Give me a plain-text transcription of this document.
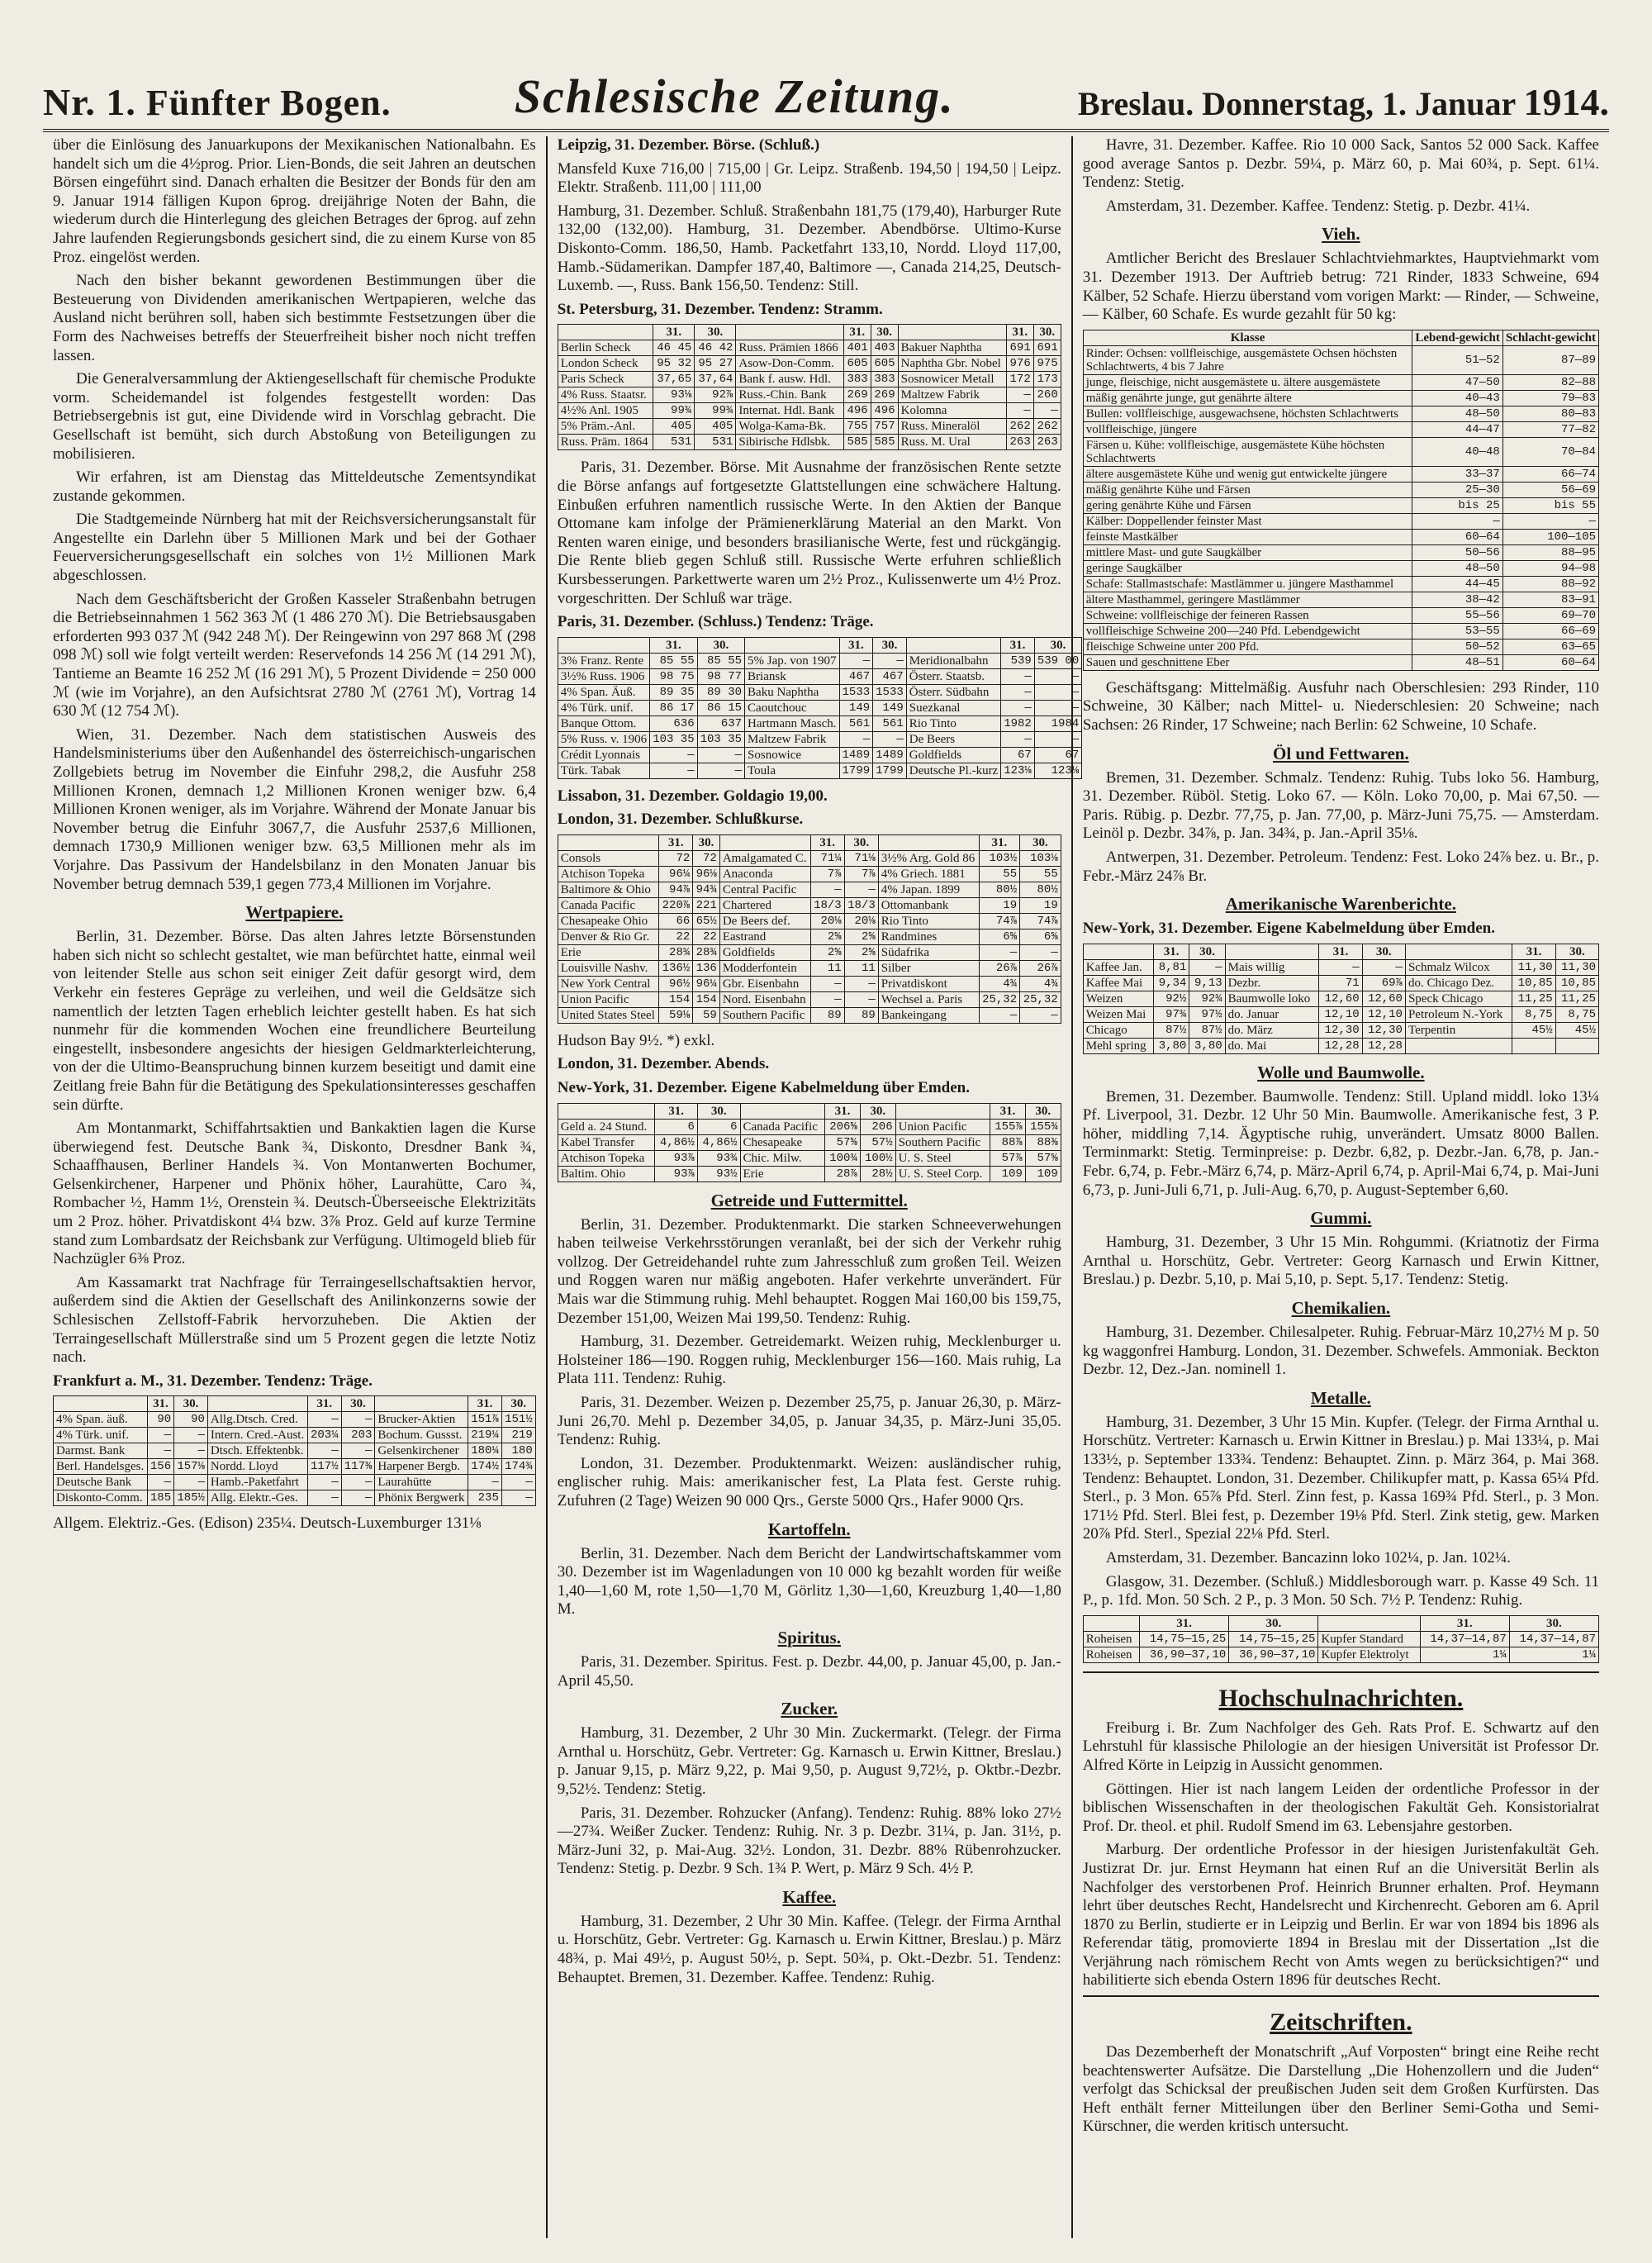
Nr. 1. Fünfter Bogen.	Schlesische Zeitung.	Breslau. Donnerstag, 1. Januar 1914.

über die Einlösung des Januarkupons der Mexikanischen Nationalbahn. Es handelt sich um die 4½prog. Prior. Lien-Bonds, die seit Jahren an deutschen Börsen eingeführt sind. Danach erhalten die Besitzer der Bonds für den am 9. Januar 1914 fälligen Kupon 6prog. dreijährige Noten der Bahn, die wiederum durch die Hinterlegung des gleichen Betrages der 6prog. auf zehn Jahre laufenden Regierungsbonds gesichert sind, die zu einem Kurse von 85 Proz. eingelöst werden.

Nach den bisher bekannt gewordenen Bestimmungen über die Besteuerung von Dividenden amerikanischen Wertpapieren, welche das Ausland nicht berühren soll, haben sich bestimmte Festsetzungen über die Form des Nachweises betreffs der Steuerfreiheit bisher noch nicht treffen lassen.

Die Generalversammlung der Aktiengesellschaft für chemische Produkte vorm. Scheidemandel ist folgendes festgestellt worden: Das Betriebsergebnis ist gut, eine Dividende wird in Vorschlag gebracht. Die Gesellschaft ist bemüht, sich durch Abstoßung von Beteiligungen zu mobilisieren.

Wir erfahren, ist am Dienstag das Mitteldeutsche Zementsyndikat zustande gekommen.

Die Stadtgemeinde Nürnberg hat mit der Reichsversicherungsanstalt für Angestellte ein Darlehn über 5 Millionen Mark und bei der Gothaer Feuerversicherungsgesellschaft ein solches von 1½ Millionen Mark abgeschlossen.

Nach dem Geschäftsbericht der Großen Kasseler Straßenbahn betrugen die Betriebseinnahmen 1 562 363 ℳ (1 486 270 ℳ). Die Betriebsausgaben erforderten 993 037 ℳ (942 248 ℳ). Der Reingewinn von 297 868 ℳ (298 098 ℳ) soll wie folgt verteilt werden: Reservefonds 14 256 ℳ (14 291 ℳ), Tantieme an Beamte 16 252 ℳ (16 291 ℳ), 5 Prozent Dividende = 250 000 ℳ (wie im Vorjahre), an den Aufsichtsrat 2780 ℳ (2761 ℳ), Vortrag 14 630 ℳ (12 754 ℳ).

Wien, 31. Dezember. Nach dem statistischen Ausweis des Handelsministeriums über den Außenhandel des österreichisch-ungarischen Zollgebiets betrug im November die Einfuhr 298,2, die Ausfuhr 258 Millionen Kronen, demnach 1,2 Millionen Kronen weniger bzw. 6,4 Millionen Kronen weniger, als im Vorjahre. Während der Monate Januar bis November betrug die Einfuhr 3067,7, die Ausfuhr 2537,6 Millionen, demnach 1730,9 Millionen weniger bzw. 63,5 Millionen mehr als im Vorjahre. Das Passivum der Handelsbilanz in den Monaten Januar bis November betrug demnach 539,1 gegen 773,4 Millionen im Vorjahre.

Wertpapiere.

Berlin, 31. Dezember. Börse. Das alten Jahres letzte Börsenstunden haben sich nicht so schlecht gestaltet, wie man befürchtet hatte, einmal weil von leitender Stelle aus schon seit einiger Zeit dafür gesorgt wird, dem Verkehr ein festeres Gepräge zu verleihen, und weil die Geldsätze sich namentlich der letzten Tagen erheblich leichter gestellt haben. Es hat sich nunmehr für die kommenden Wochen eine freundlichere Beurteilung eingestellt, insbesondere angesichts der hiesigen Geldmarkterleichterung, von der die Ultimo-Beanspruchung binnen kurzem beseitigt und damit eine Zeitlang freie Bahn für die Betätigung des Spekulationsinteresses geschaffen sein dürfte.

Am Montanmarkt, Schiffahrtsaktien und Bankaktien lagen die Kurse überwiegend fest. Deutsche Bank ¾, Diskonto, Dresdner Bank ¾, Schaaffhausen, Berliner Handels ¾. Von Montanwerten Bochumer, Gelsenkirchener, Harpener und Phönix höher, Laurahütte, Caro ¾, Rombacher ½, Hamm 1½, Orenstein ¾. Deutsch-Überseeische Elektrizitäts um 2 Proz. höher. Privatdiskont 4¼ bzw. 3⅞ Proz. Geld auf kurze Termine stand zum Lombardsatz der Reichsbank zur Verfügung. Ultimogeld blieb für Nachzügler 6⅜ Proz.

Am Kassamarkt trat Nachfrage für Terraingesellschaftsaktien hervor, außerdem sind die Aktien der Gesellschaft des Anilinkonzerns sowie der Schlesischen Zellstoff-Fabrik hervorzuheben. Die Aktien der Terraingesellschaft Müllerstraße sind um 5 Prozent gegen die letzte Notiz nach.

Frankfurt a. M., 31. Dezember. Tendenz: Träge.

	31.	30.		31.	30.		31.	30.
4% Span. äuß.	90	90	Allg.Dtsch. Cred.	—	—	Brucker-Aktien	151⅞	151½
4% Türk. unif.	—	—	Intern. Cred.-Aust.	203¼	203	Bochum. Gussst.	219¼	219
Darmst. Bank	—	—	Dtsch. Effektenbk.	—	—	Gelsenkirchener	180¼	180
Berl. Handelsges.	156	157⅛	Nordd. Lloyd	117½	117⅜	Harpener Bergb.	174½	174¾
Deutsche Bank	—	—	Hamb.-Paketfahrt	—	—	Laurahütte	—	—
Diskonto-Comm.	185	185½	Allg. Elektr.-Ges.	—	—	Phönix Bergwerk	235	—

Allgem. Elektriz.-Ges. (Edison) 235¼. Deutsch-Luxemburger 131⅛

Leipzig, 31. Dezember. Börse. (Schluß.)

Mansfeld Kuxe 716,00 | 715,00 | Gr. Leipz. Straßenb. 194,50 | 194,50 | Leipz. Elektr. Straßenb. 111,00 | 111,00

Hamburg, 31. Dezember. Schluß. Straßenbahn 181,75 (179,40), Harburger Rute 132,00 (132,00). Hamburg, 31. Dezember. Abendbörse. Ultimo-Kurse Diskonto-Comm. 186,50, Hamb. Packetfahrt 133,10, Nordd. Lloyd 117,00, Hamb.-Südamerikan. Dampfer 187,40, Baltimore —, Canada 214,25, Deutsch-Luxemb. —, Russ. Bank 156,50. Tendenz: Still.

St. Petersburg, 31. Dezember. Tendenz: Stramm.

	31.	30.		31.	30.		31.	30.
Berlin Scheck	46 45	46 42	Russ. Prämien 1866	401	403	Bakuer Naphtha	691	691
London Scheck	95 32	95 27	Asow-Don-Comm.	605	605	Naphtha Gbr. Nobel	976	975
Paris Scheck	37,65	37,64	Bank f. ausw. Hdl.	383	383	Sosnowicer Metall	172	173
4% Russ. Staatsr.	93⅛	92⅞	Russ.-Chin. Bank	269	269	Maltzew Fabrik	—	260
4½% Anl. 1905	99¾	99¾	Internat. Hdl. Bank	496	496	Kolomna	—	—
5% Präm.-Anl.	405	405	Wolga-Kama-Bk.	755	757	Russ. Mineralöl	262	262
Russ. Präm. 1864	531	531	Sibirische Hdlsbk.	585	585	Russ. M. Ural	263	263

Paris, 31. Dezember. Börse. Mit Ausnahme der französischen Rente setzte die Börse anfangs auf fortgesetzte Glattstellungen eine schwächere Haltung. Einbußen erfuhren namentlich russische Werte. In den Aktien der Banque Ottomane kam infolge der Prämienerklärung Material an den Markt. Von Renten waren einige, und besonders brasilianische Werte, fest und rückgängig. Die Rente blieb gegen Schluß still. Russische Werte erfuhren schließlich Kursbesserungen. Parkettwerte waren um 2½ Proz., Kulissenwerte um 4½ Proz. vorgeschritten. Der Schluß war träge.

Paris, 31. Dezember. (Schluss.) Tendenz: Träge.

	31.	30.		31.	30.		31.	30.
3% Franz. Rente	85 55	85 55	5% Jap. von 1907	—	—	Meridionalbahn	539	539 00
3½% Russ. 1906	98 75	98 77	Briansk	467	467	Österr. Staatsb.	—	—
4% Span. Äuß.	89 35	89 30	Baku Naphtha	1533	1533	Österr. Südbahn	—	—
4% Türk. unif.	86 17	86 15	Caoutchouc	149	149	Suezkanal	—	—
Banque Ottom.	636	637	Hartmann Masch.	561	561	Rio Tinto	1982	1984
5% Russ. v. 1906	103 35	103 35	Maltzew Fabrik	—	—	De Beers	—	—
Crédit Lyonnais	—	—	Sosnowice	1489	1489	Goldfields	67	67
Türk. Tabak	—	—	Toula	1799	1799	Deutsche Pl.-kurz	123⅛	123⅛

Lissabon, 31. Dezember. Goldagio 19,00.

London, 31. Dezember. Schlußkurse.

	31.	30.		31.	30.		31.	30.
Consols	72	72	Amalgamated C.	71¼	71⅛	3½% Arg. Gold 86	103½	103⅛
Atchison Topeka	96¼	96⅛	Anaconda	7⅞	7⅞	4% Griech. 1881	55	55
Baltimore & Ohio	94⅞	94¾	Central Pacific	—	—	4% Japan. 1899	80½	80½
Canada Pacific	220⅞	221	Chartered	18/3	18/3	Ottomanbank	19	19
Chesapeake Ohio	66	65½	De Beers def.	20⅛	20⅛	Rio Tinto	74⅞	74⅞
Denver & Rio Gr.	22	22	Eastrand	2⅝	2⅝	Randmines	6⅝	6⅝
Erie	28¾	28¾	Goldfields	2⅝	2⅝	Südafrika	—	—
Louisville Nashv.	136½	136	Modderfontein	11	11	Silber	26⅞	26⅞
New York Central	96½	96¼	Gbr. Eisenbahn	—	—	Privatdiskont	4¾	4¾
Union Pacific	154	154	Nord. Eisenbahn	—	—	Wechsel a. Paris	25,32	25,32
United States Steel	59⅛	59	Southern Pacific	89	89	Bankeingang	—	—

Hudson Bay 9½. *) exkl.

London, 31. Dezember. Abends.

New-York, 31. Dezember. Eigene Kabelmeldung über Emden.

	31.	30.		31.	30.		31.	30.
Geld a. 24 Stund.	6	6	Canada Pacific	206⅝	206	Union Pacific	155⅞	155¾
Kabel Transfer	4,86½	4,86½	Chesapeake	57⅝	57½	Southern Pacific	88⅞	88⅜
Atchison Topeka	93⅞	93¾	Chic. Milw.	100¾	100½	U. S. Steel	57⅞	57⅝
Baltim. Ohio	93⅞	93½	Erie	28⅞	28½	U. S. Steel Corp.	109	109
Getreide und Futtermittel.

Berlin, 31. Dezember. Produktenmarkt. Die starken Schneeverwehungen haben teilweise Verkehrsstörungen veranlaßt, bei der sich der Verkehr ruhig vollzog. Der Getreidehandel ruhte zum Jahresschluß zum großen Teil. Weizen und Roggen waren nur mäßig angeboten. Hafer verkehrte unverändert. Für Mais war die Stimmung ruhig. Mehl behauptet. Roggen Mai 160,00 bis 159,75, Dezember 151,00, Weizen Mai 199,50. Tendenz: Ruhig.

Hamburg, 31. Dezember. Getreidemarkt. Weizen ruhig, Mecklenburger u. Holsteiner 186—190. Roggen ruhig, Mecklenburger 156—160. Mais ruhig, La Plata 111. Tendenz: Ruhig.

Paris, 31. Dezember. Weizen p. Dezember 25,75, p. Januar 26,30, p. März-Juni 26,70. Mehl p. Dezember 34,05, p. Januar 34,35, p. März-Juni 35,05. Tendenz: Ruhig.

London, 31. Dezember. Produktenmarkt. Weizen: ausländischer ruhig, englischer ruhig. Mais: amerikanischer fest, La Plata fest. Gerste ruhig. Zufuhren (2 Tage) Weizen 90 000 Qrs., Gerste 5000 Qrs., Hafer 9000 Qrs.

Kartoffeln.

Berlin, 31. Dezember. Nach dem Bericht der Landwirtschaftskammer vom 30. Dezember ist im Wagenladungen von 10 000 kg bezahlt worden für weiße 1,40—1,60 M, rote 1,50—1,70 M, Görlitz 1,30—1,60, Kreuzburg 1,40—1,80 M.

Spiritus.

Paris, 31. Dezember. Spiritus. Fest. p. Dezbr. 44,00, p. Januar 45,00, p. Jan.-April 45,50.

Zucker.

Hamburg, 31. Dezember, 2 Uhr 30 Min. Zuckermarkt. (Telegr. der Firma Arnthal u. Horschütz, Gebr. Vertreter: Gg. Karnasch u. Erwin Kittner, Breslau.) p. Januar 9,15, p. März 9,22, p. Mai 9,50, p. August 9,72½, p. Oktbr.-Dezbr. 9,52½. Tendenz: Stetig.

Paris, 31. Dezember. Rohzucker (Anfang). Tendenz: Ruhig. 88% loko 27½—27¾. Weißer Zucker. Tendenz: Ruhig. Nr. 3 p. Dezbr. 31¼, p. Jan. 31½, p. März-Juni 32, p. Mai-Aug. 32½. London, 31. Dezbr. 88% Rübenrohzucker. Tendenz: Stetig. p. Dezbr. 9 Sch. 1¾ P. Wert, p. März 9 Sch. 4½ P.

Kaffee.

Hamburg, 31. Dezember, 2 Uhr 30 Min. Kaffee. (Telegr. der Firma Arnthal u. Horschütz, Gebr. Vertreter: Gg. Karnasch u. Erwin Kittner, Breslau.) p. März 48¾, p. Mai 49½, p. August 50½, p. Sept. 50¾, p. Okt.-Dezbr. 51. Tendenz: Behauptet. Bremen, 31. Dezember. Kaffee. Tendenz: Ruhig.

Havre, 31. Dezember. Kaffee. Rio 10 000 Sack, Santos 52 000 Sack. Kaffee good average Santos p. Dezbr. 59¼, p. März 60, p. Mai 60¾, p. Sept. 61¼. Tendenz: Stetig.

Amsterdam, 31. Dezember. Kaffee. Tendenz: Stetig. p. Dezbr. 41¼.

Vieh.

Amtlicher Bericht des Breslauer Schlachtviehmarktes, Hauptviehmarkt vom 31. Dezember 1913. Der Auftrieb betrug: 721 Rinder, 1833 Schweine, 694 Kälber, 52 Schafe. Hierzu überstand vom vorigen Markt: — Rinder, — Schweine, — Kälber, 60 Schafe. Es wurde gezahlt für 50 kg:

Klasse	Lebend-gewicht	Schlacht-gewicht
Rinder: Ochsen: vollfleischige, ausgemästete Ochsen höchsten Schlachtwerts, 4 bis 7 Jahre	51—52	87—89
junge, fleischige, nicht ausgemästete u. ältere ausgemästete	47—50	82—88
mäßig genährte junge, gut genährte ältere	40—43	79—83
Bullen: vollfleischige, ausgewachsene, höchsten Schlachtwerts	48—50	80—83
vollfleischige, jüngere	44—47	77—82
Färsen u. Kühe: vollfleischige, ausgemästete Kühe höchsten Schlachtwerts	40—48	70—84
ältere ausgemästete Kühe und wenig gut entwickelte jüngere	33—37	66—74
mäßig genährte Kühe und Färsen	25—30	56—69
gering genährte Kühe und Färsen	bis 25	bis 55
Kälber: Doppellender feinster Mast	—	—
feinste Mastkälber	60—64	100—105
mittlere Mast- und gute Saugkälber	50—56	88—95
geringe Saugkälber	48—50	94—98
Schafe: Stallmastschafe: Mastlämmer u. jüngere Masthammel	44—45	88—92
ältere Masthammel, geringere Mastlämmer	38—42	83—91
Schweine: vollfleischige der feineren Rassen	55—56	69—70
vollfleischige Schweine 200—240 Pfd. Lebendgewicht	53—55	66—69
fleischige Schweine unter 200 Pfd.	50—52	63—65
Sauen und geschnittene Eber	48—51	60—64

Geschäftsgang: Mittelmäßig. Ausfuhr nach Oberschlesien: 293 Rinder, 110 Schweine, 30 Kälber; nach Mittel- u. Niederschlesien: 20 Schweine; nach Sachsen: 26 Rinder, 17 Schweine; nach Berlin: 62 Schweine, 10 Schafe.

Öl und Fettwaren.

Bremen, 31. Dezember. Schmalz. Tendenz: Ruhig. Tubs loko 56. Hamburg, 31. Dezember. Rüböl. Stetig. Loko 67. — Köln. Loko 70,00, p. Mai 67,50. — Paris. Rübig. p. Dezbr. 77,75, p. Jan. 77,00, p. März-Juni 75,75. — Amsterdam. Leinöl p. Dezbr. 34⅞, p. Jan. 34¾, p. Jan.-April 35⅛.

Antwerpen, 31. Dezember. Petroleum. Tendenz: Fest. Loko 24⅞ bez. u. Br., p. Febr.-März 24⅞ Br.

Amerikanische Warenberichte.

New-York, 31. Dezember. Eigene Kabelmeldung über Emden.

	31.	30.		31.	30.		31.	30.
Kaffee Jan.	8,81	—	Mais willig	—	—	Schmalz Wilcox	11,30	11,30
Kaffee Mai	9,34	9,13	Dezbr.	71	69⅞	do. Chicago Dez.	10,85	10,85
Weizen	92½	92¾	Baumwolle loko	12,60	12,60	Speck Chicago	11,25	11,25
Weizen Mai	97¾	97½	do. Januar	12,10	12,10	Petroleum N.-York	8,75	8,75
Chicago	87½	87½	do. März	12,30	12,30	Terpentin	45½	45½
Mehl spring	3,80	3,80	do. Mai	12,28	12,28			
Wolle und Baumwolle.

Bremen, 31. Dezember. Baumwolle. Tendenz: Still. Upland middl. loko 13¼ Pf. Liverpool, 31. Dezbr. 12 Uhr 50 Min. Baumwolle. Amerikanische fest, 3 P. höher, middling 7,14. Ägyptische ruhig, unverändert. Umsatz 8000 Ballen. Terminmarkt: Stetig. Terminpreise: p. Dezbr. 6,82, p. Dezbr.-Jan. 6,78, p. Jan.-Febr. 6,74, p. Febr.-März 6,74, p. März-April 6,74, p. April-Mai 6,74, p. Mai-Juni 6,73, p. Juni-Juli 6,71, p. Juli-Aug. 6,70, p. August-September 6,60.

Gummi.

Hamburg, 31. Dezember, 3 Uhr 15 Min. Rohgummi. (Kriatnotiz der Firma Arnthal u. Horschütz, Gebr. Vertreter: Georg Karnasch und Erwin Kittner, Breslau.) p. Dezbr. 5,10, p. Mai 5,10, p. Sept. 5,17. Tendenz: Stetig.

Chemikalien.

Hamburg, 31. Dezember. Chilesalpeter. Ruhig. Februar-März 10,27½ M p. 50 kg waggonfrei Hamburg. London, 31. Dezember. Schwefels. Ammoniak. Beckton Dezbr. 12, Dez.-Jan. nominell 1.

Metalle.

Hamburg, 31. Dezember, 3 Uhr 15 Min. Kupfer. (Telegr. der Firma Arnthal u. Horschütz. Vertreter: Karnasch u. Erwin Kittner in Breslau.) p. Mai 133¼, p. Mai 133½, p. September 133¾. Tendenz: Behauptet. Zinn. p. März 364, p. Mai 368. Tendenz: Behauptet. London, 31. Dezember. Chilikupfer matt, p. Kassa 65¼ Pfd. Sterl., p. 3 Mon. 65⅞ Pfd. Sterl. Zinn fest, p. Kassa 169¾ Pfd. Sterl., p. 3 Mon. 171½ Pfd. Sterl. Blei fest, p. Dezember 19⅛ Pfd. Sterl. Zink stetig, gew. Marken 20⅞ Pfd. Sterl., Spezial 22⅛ Pfd. Sterl.

Amsterdam, 31. Dezember. Bancazinn loko 102¼, p. Jan. 102¼.

Glasgow, 31. Dezember. (Schluß.) Middlesborough warr. p. Kasse 49 Sch. 11 P., p. 1fd. Mon. 50 Sch. 2 P., p. 3 Mon. 50 Sch. 7½ P. Tendenz: Ruhig.

	31.	30.		31.	30.
Roheisen	14,75—15,25	14,75—15,25	Kupfer Standard	14,37—14,87	14,37—14,87
Roheisen	36,90—37,10	36,90—37,10	Kupfer Elektrolyt	1¼	1¼
Hochschulnachrichten.

Freiburg i. Br. Zum Nachfolger des Geh. Rats Prof. E. Schwartz auf den Lehrstuhl für klassische Philologie an der hiesigen Universität ist Professor Dr. Alfred Körte in Leipzig in Aussicht genommen.

Göttingen. Hier ist nach langem Leiden der ordentliche Professor in der biblischen Wissenschaften in der theologischen Fakultät Geh. Konsistorialrat Prof. Dr. theol. et phil. Rudolf Smend im 63. Lebensjahre gestorben.

Marburg. Der ordentliche Professor in der hiesigen Juristenfakultät Geh. Justizrat Dr. jur. Ernst Heymann hat einen Ruf an die Universität Berlin als Nachfolger des verstorbenen Prof. Heinrich Brunner erhalten. Prof. Heymann lehrt über deutsches Recht, Handelsrecht und Kirchenrecht. Geboren am 6. April 1870 zu Berlin, studierte er in Leipzig und Berlin. Er war von 1894 bis 1896 als Referendar tätig, promovierte 1894 in Breslau mit der Dissertation „Ist die Verjährung nach römischem Recht von Amts wegen zu berücksichtigen?“ und habilitierte sich ebenda Ostern 1896 für deutsches Recht.

Zeitschriften.

Das Dezemberheft der Monatschrift „Auf Vorposten“ bringt eine Reihe recht beachtenswerter Aufsätze. Die Darstellung „Die Hohenzollern und die Juden“ verfolgt das Schicksal der preußischen Juden seit dem Großen Kurfürsten. Das Heft enthält ferner Mitteilungen über den Berliner Semi-Gotha und Semi-Kürschner, die werden kritisch untersucht.
